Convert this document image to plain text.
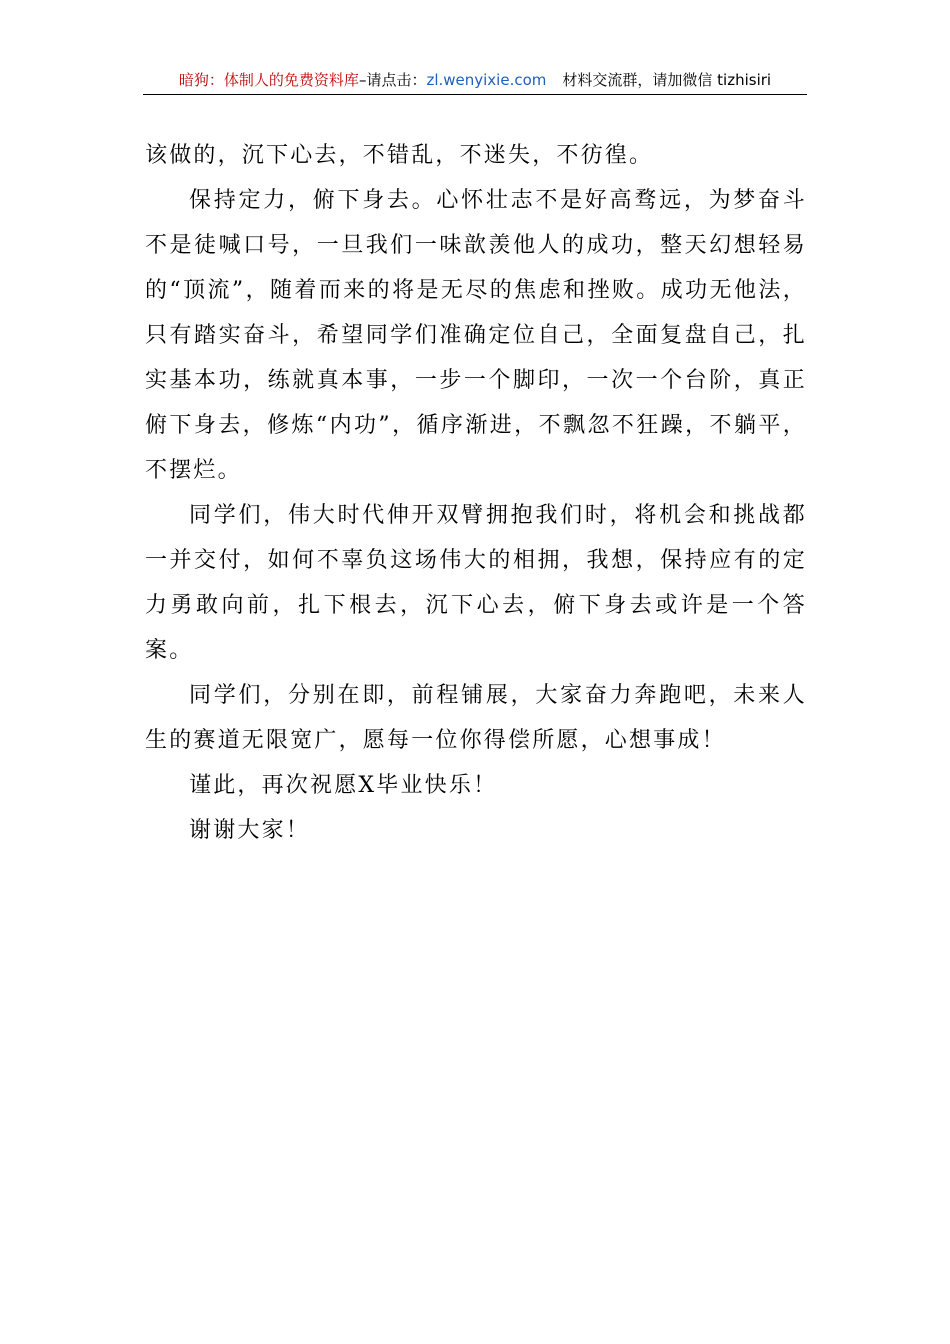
暗狗：体制人的免费资料库–请点击：zl.wenyixie.com 材料交流群，请加微信 tizhisiri

该做的，沉下心去，不错乱，不迷失，不彷徨。

保持定力，俯下身去。心怀壮志不是好高骛远，为梦奋斗不是徒喊口号，一旦我们一味歆羡他人的成功，整天幻想轻易的“顶流”，随着而来的将是无尽的焦虑和挫败。成功无他法，只有踏实奋斗，希望同学们准确定位自己，全面复盘自己，扎实基本功，练就真本事，一步一个脚印，一次一个台阶，真正俯下身去，修炼“内功”，循序渐进，不飘忽不狂躁，不躺平，不摆烂。

同学们，伟大时代伸开双臂拥抱我们时，将机会和挑战都一并交付，如何不辜负这场伟大的相拥，我想，保持应有的定力勇敢向前，扎下根去，沉下心去，俯下身去或许是一个答案。

同学们，分别在即，前程铺展，大家奋力奔跑吧，未来人生的赛道无限宽广，愿每一位你得偿所愿，心想事成！

谨此，再次祝愿X毕业快乐！

谢谢大家！
